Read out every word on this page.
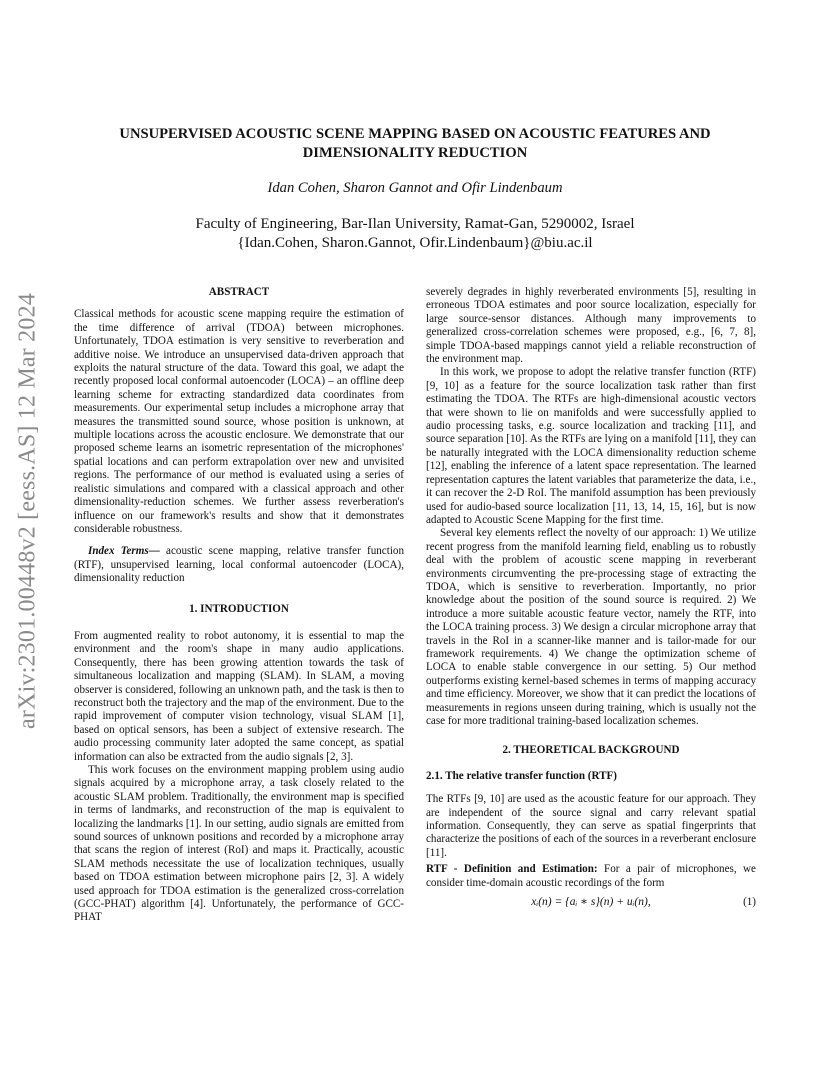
arXiv:2301.00448v2 [eess.AS] 12 Mar 2024
UNSUPERVISED ACOUSTIC SCENE MAPPING BASED ON ACOUSTIC FEATURES AND
DIMENSIONALITY REDUCTION
Idan Cohen, Sharon Gannot and Ofir Lindenbaum
Faculty of Engineering, Bar-Ilan University, Ramat-Gan, 5290002, Israel
{Idan.Cohen, Sharon.Gannot, Ofir.Lindenbaum}@biu.ac.il
ABSTRACT

Classical methods for acoustic scene mapping require the estimation of the time difference of arrival (TDOA) between microphones. Unfortunately, TDOA estimation is very sensitive to reverberation and additive noise. We introduce an unsupervised data-driven approach that exploits the natural structure of the data. Toward this goal, we adapt the recently proposed local conformal autoencoder (LOCA) – an offline deep learning scheme for extracting standardized data coordinates from measurements. Our experimental setup includes a microphone array that measures the transmitted sound source, whose position is unknown, at multiple locations across the acoustic enclosure. We demonstrate that our proposed scheme learns an isometric representation of the microphones' spatial locations and can perform extrapolation over new and unvisited regions. The performance of our method is evaluated using a series of realistic simulations and compared with a classical approach and other dimensionality-reduction schemes. We further assess reverberation's influence on our framework's results and show that it demonstrates considerable robustness.

Index Terms— acoustic scene mapping, relative transfer function (RTF), unsupervised learning, local conformal autoencoder (LOCA), dimensionality reduction

1. INTRODUCTION

From augmented reality to robot autonomy, it is essential to map the environment and the room's shape in many audio applications. Consequently, there has been growing attention towards the task of simultaneous localization and mapping (SLAM). In SLAM, a moving observer is considered, following an unknown path, and the task is then to reconstruct both the trajectory and the map of the environment. Due to the rapid improvement of computer vision technology, visual SLAM [1], based on optical sensors, has been a subject of extensive research. The audio processing community later adopted the same concept, as spatial information can also be extracted from the audio signals [2, 3].

This work focuses on the environment mapping problem using audio signals acquired by a microphone array, a task closely related to the acoustic SLAM problem. Traditionally, the environment map is specified in terms of landmarks, and reconstruction of the map is equivalent to localizing the landmarks [1]. In our setting, audio signals are emitted from sound sources of unknown positions and recorded by a microphone array that scans the region of interest (RoI) and maps it. Practically, acoustic SLAM methods necessitate the use of localization techniques, usually based on TDOA estimation between microphone pairs [2, 3]. A widely used approach for TDOA estimation is the generalized cross-correlation (GCC-PHAT) algorithm [4]. Unfortunately, the performance of GCC-PHAT

severely degrades in highly reverberated environments [5], resulting in erroneous TDOA estimates and poor source localization, especially for large source-sensor distances. Although many improvements to generalized cross-correlation schemes were proposed, e.g., [6, 7, 8], simple TDOA-based mappings cannot yield a reliable reconstruction of the environment map.

In this work, we propose to adopt the relative transfer function (RTF) [9, 10] as a feature for the source localization task rather than first estimating the TDOA. The RTFs are high-dimensional acoustic vectors that were shown to lie on manifolds and were successfully applied to audio processing tasks, e.g. source localization and tracking [11], and source separation [10]. As the RTFs are lying on a manifold [11], they can be naturally integrated with the LOCA dimensionality reduction scheme [12], enabling the inference of a latent space representation. The learned representation captures the latent variables that parameterize the data, i.e., it can recover the 2-D RoI. The manifold assumption has been previously used for audio-based source localization [11, 13, 14, 15, 16], but is now adapted to Acoustic Scene Mapping for the first time.

Several key elements reflect the novelty of our approach: 1) We utilize recent progress from the manifold learning field, enabling us to robustly deal with the problem of acoustic scene mapping in reverberant environments circumventing the pre-processing stage of extracting the TDOA, which is sensitive to reverberation. Importantly, no prior knowledge about the position of the sound source is required. 2) We introduce a more suitable acoustic feature vector, namely the RTF, into the LOCA training process. 3) We design a circular microphone array that travels in the RoI in a scanner-like manner and is tailor-made for our framework requirements. 4) We change the optimization scheme of LOCA to enable stable convergence in our setting. 5) Our method outperforms existing kernel-based schemes in terms of mapping accuracy and time efficiency. Moreover, we show that it can predict the locations of measurements in regions unseen during training, which is usually not the case for more traditional training-based localization schemes.

2. THEORETICAL BACKGROUND
2.1. The relative transfer function (RTF)

The RTFs [9, 10] are used as the acoustic feature for our approach. They are independent of the source signal and carry relevant spatial information. Consequently, they can serve as spatial fingerprints that characterize the positions of each of the sources in a reverberant enclosure [11].

RTF - Definition and Estimation: For a pair of microphones, we consider time-domain acoustic recordings of the form

xᵢ(n) = {aᵢ ∗ s}(n) + uᵢ(n),	(1)
